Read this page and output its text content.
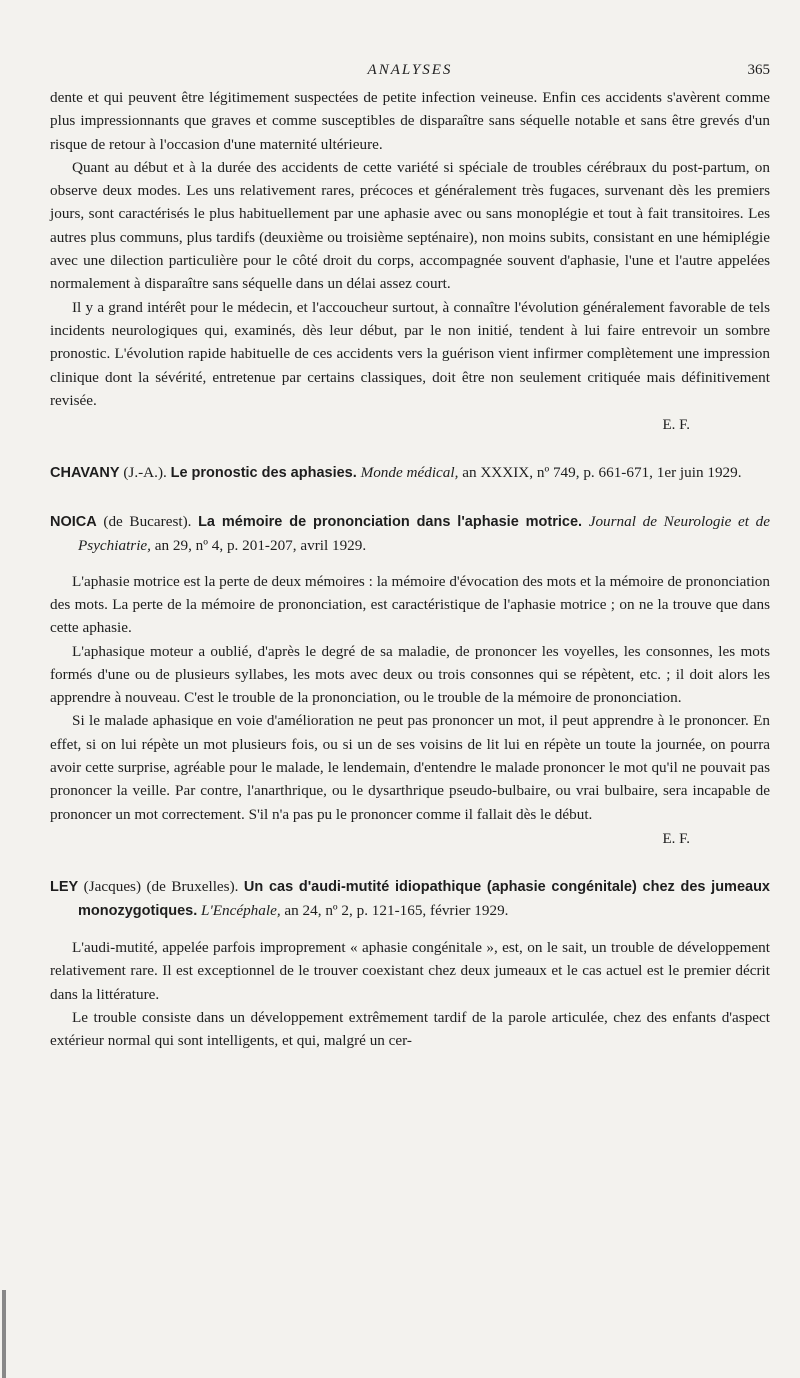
ANALYSES	365

dente et qui peuvent être légitimement suspectées de petite infection veineuse. Enfin ces accidents s'avèrent comme plus impressionnants que graves et comme susceptibles de disparaître sans séquelle notable et sans être grevés d'un risque de retour à l'occasion d'une maternité ultérieure.

Quant au début et à la durée des accidents de cette variété si spéciale de troubles cérébraux du post-partum, on observe deux modes. Les uns relativement rares, précoces et généralement très fugaces, survenant dès les premiers jours, sont caractérisés le plus habituellement par une aphasie avec ou sans monoplégie et tout à fait transitoires. Les autres plus communs, plus tardifs (deuxième ou troisième septénaire), non moins subits, consistant en une hémiplégie avec une dilection particulière pour le côté droit du corps, accompagnée souvent d'aphasie, l'une et l'autre appelées normalement à disparaître sans séquelle dans un délai assez court.

Il y a grand intérêt pour le médecin, et l'accoucheur surtout, à connaître l'évolution généralement favorable de tels incidents neurologiques qui, examinés, dès leur début, par le non initié, tendent à lui faire entrevoir un sombre pronostic. L'évolution rapide habituelle de ces accidents vers la guérison vient infirmer complètement une impression clinique dont la sévérité, entretenue par certains classiques, doit être non seulement critiquée mais définitivement revisée.

E. F.
CHAVANY (J.-A.). Le pronostic des aphasies. Monde médical, an XXXIX, nº 749, p. 661-671, 1er juin 1929.
NOICA (de Bucarest). La mémoire de prononciation dans l'aphasie motrice. Journal de Neurologie et de Psychiatrie, an 29, nº 4, p. 201-207, avril 1929.

L'aphasie motrice est la perte de deux mémoires : la mémoire d'évocation des mots et la mémoire de prononciation des mots. La perte de la mémoire de prononciation, est caractéristique de l'aphasie motrice ; on ne la trouve que dans cette aphasie.

L'aphasique moteur a oublié, d'après le degré de sa maladie, de prononcer les voyelles, les consonnes, les mots formés d'une ou de plusieurs syllabes, les mots avec deux ou trois consonnes qui se répètent, etc. ; il doit alors les apprendre à nouveau. C'est le trouble de la prononciation, ou le trouble de la mémoire de prononciation.

Si le malade aphasique en voie d'amélioration ne peut pas prononcer un mot, il peut apprendre à le prononcer. En effet, si on lui répète un mot plusieurs fois, ou si un de ses voisins de lit lui en répète un toute la journée, on pourra avoir cette surprise, agréable pour le malade, le lendemain, d'entendre le malade prononcer le mot qu'il ne pouvait pas prononcer la veille. Par contre, l'anarthrique, ou le dysarthrique pseudo-bulbaire, ou vrai bulbaire, sera incapable de prononcer un mot correctement. S'il n'a pas pu le prononcer comme il fallait dès le début.

E. F.
LEY (Jacques) (de Bruxelles). Un cas d'audi-mutité idiopathique (aphasie congénitale) chez des jumeaux monozygotiques. L'Encéphale, an 24, nº 2, p. 121-165, février 1929.

L'audi-mutité, appelée parfois improprement « aphasie congénitale », est, on le sait, un trouble de développement relativement rare. Il est exceptionnel de le trouver coexistant chez deux jumeaux et le cas actuel est le premier décrit dans la littérature.

Le trouble consiste dans un développement extrêmement tardif de la parole articulée, chez des enfants d'aspect extérieur normal qui sont intelligents, et qui, malgré un cer-
